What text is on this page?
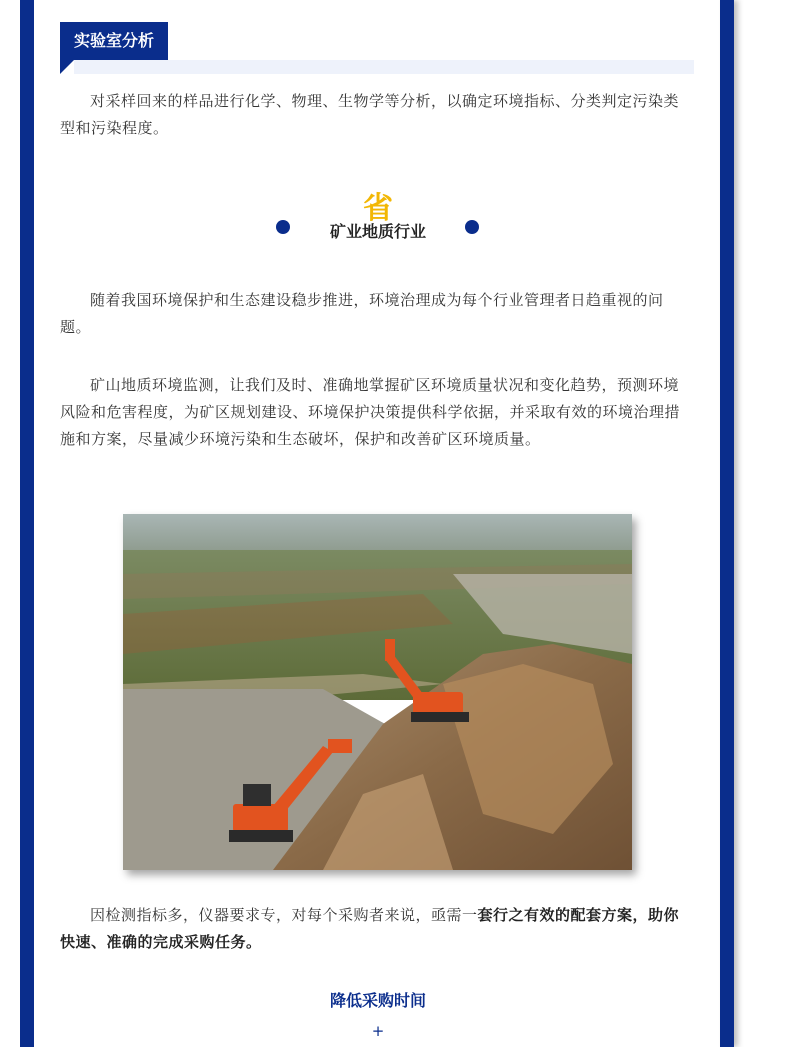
实验室分析

对采样回来的样品进行化学、物理、生物学等分析，以确定环境指标、分类判定污染类型和污染程度。

省
矿业地质行业

随着我国环境保护和生态建设稳步推进，环境治理成为每个行业管理者日趋重视的问题。

矿山地质环境监测，让我们及时、准确地掌握矿区环境质量状况和变化趋势，预测环境风险和危害程度，为矿区规划建设、环境保护决策提供科学依据，并采取有效的环境治理措施和方案，尽量减少环境污染和生态破坏，保护和改善矿区环境质量。

因检测指标多，仪器要求专，对每个采购者来说，亟需一套行之有效的配套方案，助你快速、准确的完成采购任务。

降低采购时间
+
